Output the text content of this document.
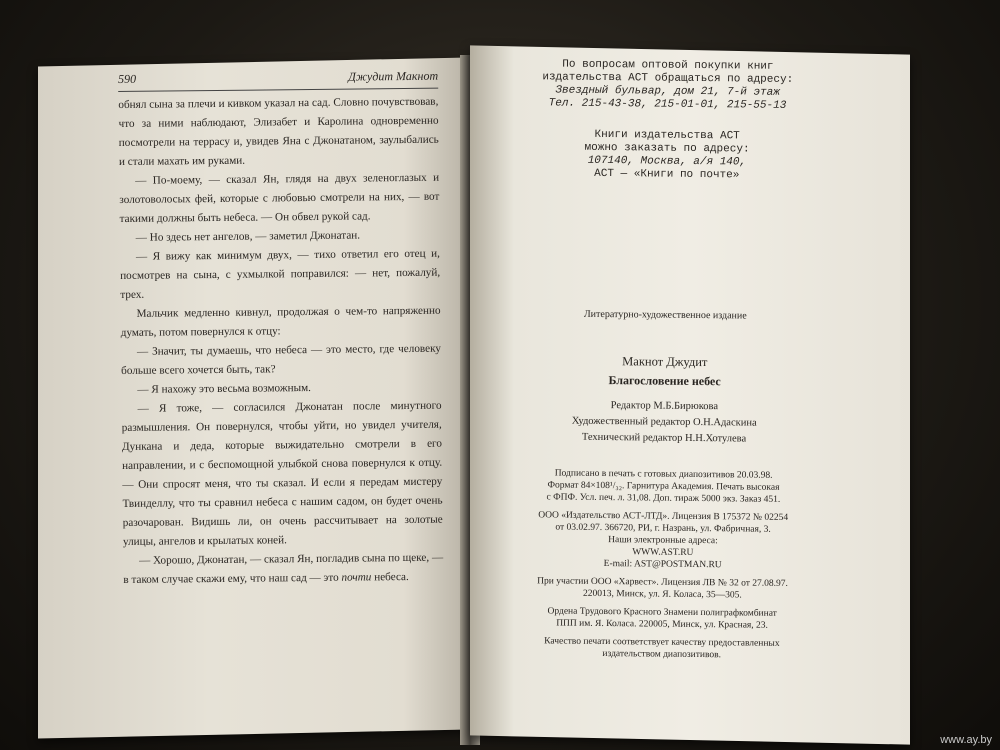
590	Джудит Макнот

обнял сына за плечи и кивком указал на сад. Словно почувствовав, что за ними наблюдают, Элизабет и Каролина одновременно посмотрели на террасу и, увидев Яна с Джонатаном, заулыбались и стали махать им руками.

— По-моему, — сказал Ян, глядя на двух зеленоглазых и золотоволосых фей, которые с любовью смотрели на них, — вот такими должны быть небеса. — Он обвел рукой сад.

— Но здесь нет ангелов, — заметил Джонатан.

— Я вижу как минимум двух, — тихо ответил его отец и, посмотрев на сына, с ухмылкой поправился: — нет, пожалуй, трех.

Мальчик медленно кивнул, продолжая о чем-то напряженно думать, потом повернулся к отцу:

— Значит, ты думаешь, что небеса — это место, где человеку больше всего хочется быть, так?

— Я нахожу это весьма возможным.

— Я тоже, — согласился Джонатан после минутного размышления. Он повернулся, чтобы уйти, но увидел учителя, Дункана и деда, которые выжидательно смотрели в его направлении, и с беспомощной улыбкой снова повернулся к отцу. — Они спросят меня, что ты сказал. И если я передам мистеру Твинделлу, что ты сравнил небеса с нашим садом, он будет очень разочарован. Видишь ли, он очень рассчитывает на золотые улицы, ангелов и крылатых коней.

— Хорошо, Джонатан, — сказал Ян, погладив сына по щеке, — в таком случае скажи ему, что наш сад — это почти небеса.

По вопросам оптовой покупки книг
издательства АСТ обращаться по адресу:
Звездный бульвар, дом 21, 7-й этаж
Тел. 215-43-38, 215-01-01, 215-55-13
Книги издательства АСТ
можно заказать по адресу:
107140, Москва, а/я 140,
АСТ — «Книги по почте»
Литературно-художественное издание
Макнот Джудит
Благословение небес
Редактор М.Б.Бирюкова
Художественный редактор О.Н.Адаскина
Технический редактор Н.Н.Хотулева
Подписано в печать с готовых диапозитивов 20.03.98.
Формат 84×108¹/₃₂. Гарнитура Академия. Печать высокая
с ФПФ. Усл. печ. л. 31,08. Доп. тираж 5000 экз. Заказ 451.
ООО «Издательство АСТ-ЛТД». Лицензия В 175372 № 02254
от 03.02.97. 366720, РИ, г. Назрань, ул. Фабричная, 3.
Наши электронные адреса:
WWW.AST.RU
E-mail: AST@POSTMAN.RU
При участии ООО «Харвест». Лицензия ЛВ № 32 от 27.08.97.
220013, Минск, ул. Я. Коласа, 35—305.
Ордена Трудового Красного Знамени полиграфкомбинат
ППП им. Я. Коласа. 220005, Минск, ул. Красная, 23.
Качество печати соответствует качеству предоставленных
издательством диапозитивов.
www.ay.by
